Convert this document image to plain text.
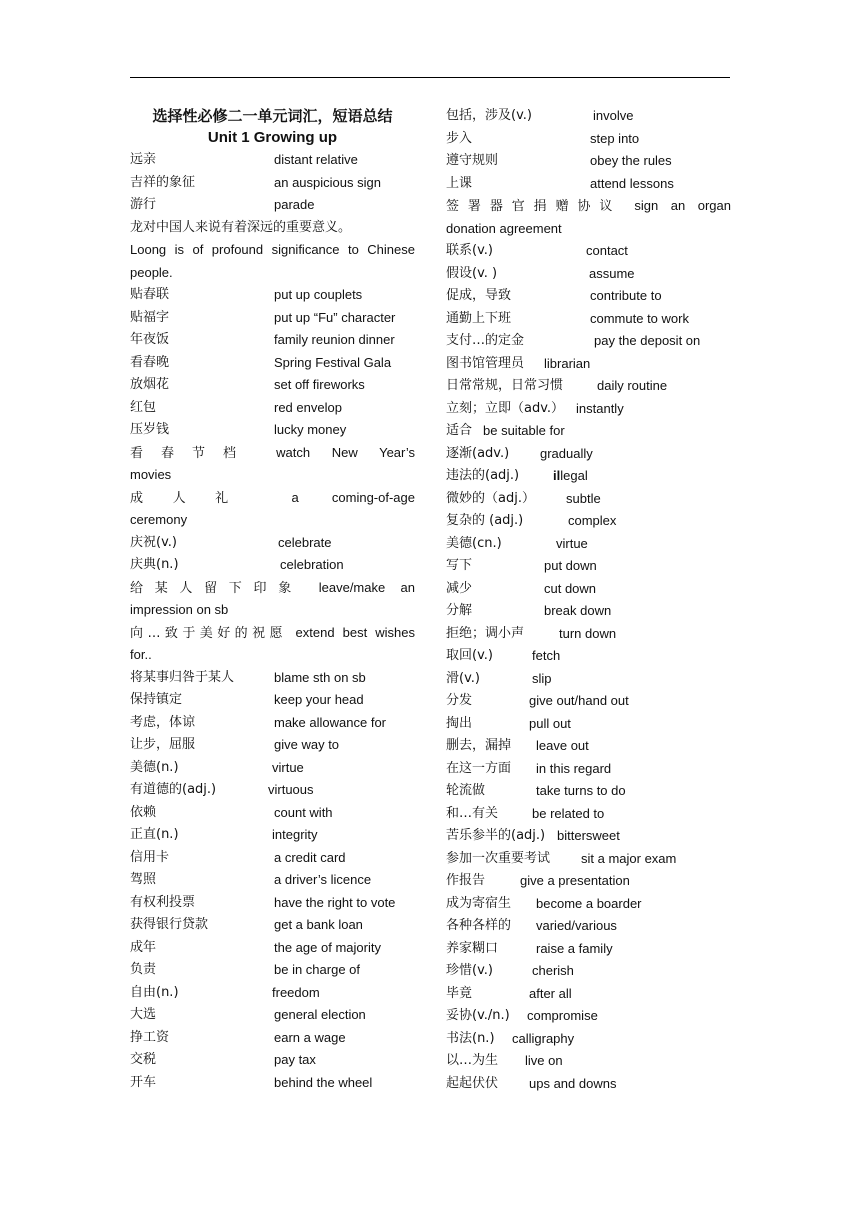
选择性必修二一单元词汇，短语总结
Unit 1 Growing up
远亲	distant relative
吉祥的象征	an auspicious sign
游行	parade
龙对中国人来说有着深远的重要意义。
Loong is of profound significance to Chinese
people.
贴春联	put up couplets
贴福字	put up “Fu” character
年夜饭	family reunion dinner
看春晚	Spring Festival Gala
放烟花	set off fireworks
红包	red envelop
压岁钱	lucky money
看春节档 watch New Year’s
movies
成人礼	a coming-of-age
ceremony
庆祝(v.)	celebrate
庆典(n.)	celebration
给某人留下印象 leave/make an
impression on sb
向…致于美好的祝愿 extend best wishes
for..
将某事归咎于某人	blame sth on sb
保持镇定	keep your head
考虑，体谅	make allowance for
让步，屈服	give way to
美德(n.)	virtue
有道德的(adj.)	virtuous
依赖	count with
正直(n.)	integrity
信用卡	a credit card
驾照	a driver’s licence
有权利投票	have the right to vote
获得银行贷款	get a bank loan
成年	the age of majority
负责	be in charge of
自由(n.)	freedom
大选	general election
挣工资	earn a wage
交税	pay tax
开车	behind the wheel
包括，涉及(v.)	involve
步入	step into
遵守规则	obey the rules
上课	attend lessons
签署器官捐赠协议 sign an organ
donation agreement
联系(v.)	contact
假设(v. )	assume
促成，导致	contribute to
通勤上下班	commute to work
支付…的定金	pay the deposit on
图书馆管理员 librarian
日常常规，日常习惯	daily routine
立刻；立即（adv.） instantly
适合 be suitable for
逐渐(adv.) gradually
违法的(adj.)	illegal
微妙的（adj.） subtle
复杂的 (adj.)	complex
美德(cn.)	virtue
写下	put down
减少	cut down
分解	break down
拒绝；调小声	turn down
取回(v.)	fetch
滑(v.)	slip
分发	give out/hand out
掏出	pull out
删去，漏掉 leave out
在这一方面 in this regard
轮流做	take turns to do
和…有关	be related to
苦乐参半的(adj.) bittersweet
参加一次重要考试 sit a major exam
作报告	give a presentation
成为寄宿生 become a boarder
各种各样的 varied/various
养家糊口	raise a family
珍惜(v.)	cherish
毕竟	after all
妥协(v./n.) compromise
书法(n.) calligraphy
以…为生 live on
起起伏伏 ups and downs
